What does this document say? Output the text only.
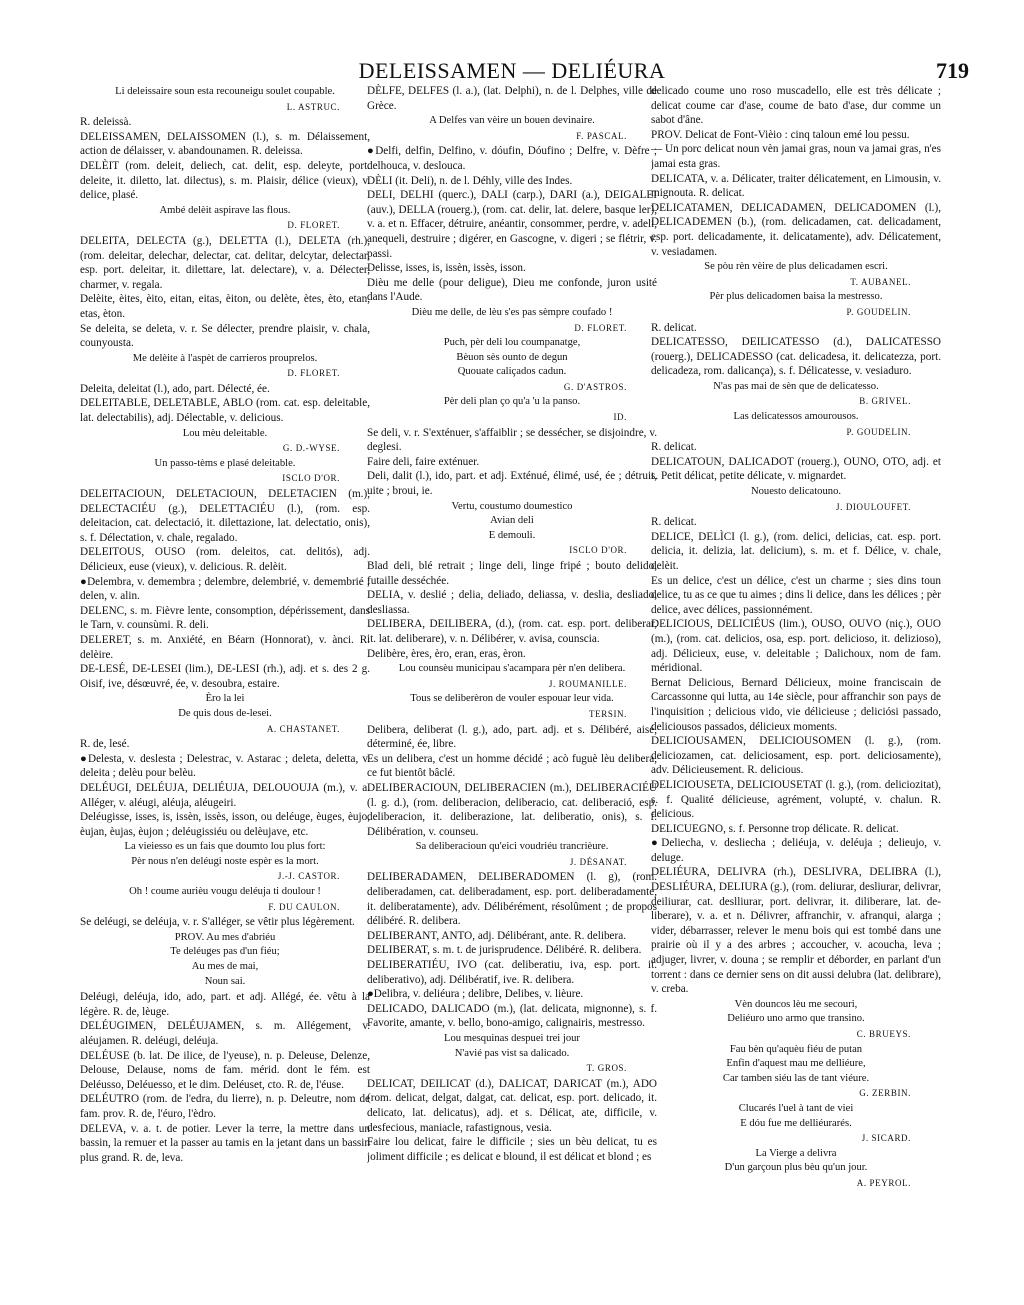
DELEISSAMEN — DELIÉURA	719
Li deleissaire soun esta recouneigu soulet coupable.
L. ASTRUC.

R. deleissà.

DELEISSAMEN, DELAISSOMEN (l.), s. m. Délaissement, action de délaisser, v. abandounamen. R. deleissa.

DELÈIT (rom. deleit, deliech, cat. delit, esp. deleyte, port. deleite, it. diletto, lat. dilectus), s. m. Plaisir, délice (vieux), v. delice, plasé.

Ambé delèit aspirave las flous.
D. FLORET.

DELEITA, DELECTA (g.), DELETTA (l.), DELETA (rh.), (rom. deleitar, delechar, delectar, cat. delitar, delcytar, delectar, esp. port. deleitar, it. dilettare, lat. delectare), v. a. Délecter, charmer, v. regala.

Delèite, èites, èito, eitan, eitas, èiton, ou delète, ètes, èto, etan, etas, èton.

Se deleita, se deleta, v. r. Se délecter, prendre plaisir, v. chala, counyousta.

Me delèite à l'aspèt de carrieros prouprelos.
D. FLORET.

Deleita, deleitat (l.), ado, part. Délecté, ée.

DELEITABLE, DELETABLE, ABLO (rom. cat. esp. deleitable, lat. delectabilis), adj. Délectable, v. delicious.

Lou mèu deleitable.
G. D.-WYSE.
Un passo-tèms e plasé deleitable.
ISCLO D'OR.

DELEITACIOUN, DELETACIOUN, DELETACIEN (m.), DELECTACIÉU (g.), DELETTACIÉU (l.), (rom. esp. deleitacion, cat. delectació, it. dilettazione, lat. delectatio, onis), s. f. Délectation, v. chale, regalado.

DELEITOUS, OUSO (rom. deleitos, cat. delitós), adj. Délicieux, euse (vieux), v. delicious. R. delèit.

●Delembra, v. demembra ; delembre, delembrié, v. demembrié ; delen, v. alin.

DELENC, s. m. Fièvre lente, consomption, dépérissement, dans le Tarn, v. counsùmi. R. deli.

DELERET, s. m. Anxiété, en Béarn (Honnorat), v. ànci. R. delèire.

DE-LESÉ, DE-LESEI (lim.), DE-LESI (rh.), adj. et s. des 2 g. Oisif, ive, désœuvré, ée, v. desoubra, estaire.

Èro la lei
De quis dous de-lesei.
A. CHASTANET.

R. de, lesé.

●Delesta, v. deslesta ; Delestrac, v. Astarac ; deleta, deletta, v. deleita ; delèu pour belèu.

DELÉUGI, DELÉUJA, DELIÉUJA, DELOUOUJA (m.), v. a. Alléger, v. aléugi, aléuja, aléugeiri.

Deléugisse, isses, is, issèn, issès, isson, ou deléuge, èuges, èujo, èujan, èujas, èujon ; deléugissiéu ou delèujave, etc.

La vieiesso es un fais que doumto lou plus fort:
Pèr nous n'en deléugi noste espèr es la mort.
J.-J. CASTOR.
Oh ! coume aurièu vougu deléuja ti doulour !
F. DU CAULON.

Se deléugi, se deléuja, v. r. S'alléger, se vêtir plus légèrement.

PROV. Au mes d'abriéu
Te deléuges pas d'un fiéu;
Au mes de mai,
Noun sai.

Deléugi, deléuja, ido, ado, part. et adj. Allégé, ée. vêtu à la légère. R. de, lèuge.

DELÉUGIMEN, DELÉUJAMEN, s. m. Allégement, v. aléujamen. R. deléugi, deléuja.

DELÉUSE (b. lat. De ilice, de l'yeuse), n. p. Deleuse, Delenze, Delouse, Delause, noms de fam. mérid. dont le fém. est Deléusso, Deléuesso, et le dim. Deléuset, cto. R. de, l'éuse.

DELÉUTRO (rom. de l'edra, du lierre), n. p. Deleutre, nom de fam. prov. R. de, l'éuro, l'èdro.

DELEVA, v. a. t. de potier. Lever la terre, la mettre dans un bassin, la remuer et la passer au tamis en la jetant dans un bassin plus grand. R. de, leva.

DÈLFE, DELFES (l. a.), (lat. Delphi), n. de l. Delphes, ville de Grèce.

A Delfes van vèire un bouen devinaire.
F. PASCAL.

●Delfi, delfin, Delfino, v. dóufin, Dóufino ; Delfre, v. Dèfre ; delhouca, v. deslouca.

DÈLI (it. Deli), n. de l. Déhly, ville des Indes.

DELI, DELHI (querc.), DALI (carp.), DARI (a.), DEIGALEI (auv.), DELLA (rouerg.), (rom. cat. delir, lat. delere, basque ler), v. a. et n. Effacer, détruire, anéantir, consommer, perdre, v. adeli, anequeli, destruire ; digérer, en Gascogne, v. digeri ; se flétrir, v. passi.

Delisse, isses, is, issèn, issès, isson.

Dièu me delle (pour deligue), Dieu me confonde, juron usité dans l'Aude.

Dièu me delle, de lèu s'es pas sèmpre coufado !
D. FLORET.
Puch, pèr deli lou coumpanatge,
Bèuon sès ounto de degun
Quouate caliçados cadun.
G. D'ASTROS.
Pèr deli plan ço qu'a 'u la panso.
ID.

Se deli, v. r. S'exténuer, s'affaiblir ; se dessécher, se disjoindre, v. deglesi.

Faire deli, faire exténuer.

Deli, dalit (l.), ido, part. et adj. Exténué, élimé, usé, ée ; détruit, uite ; broui, ie.

Vertu, coustumo doumestico
Avian deli
E demouli.
ISCLO D'OR.

Blad deli, blé retrait ; linge deli, linge fripé ; bouto delido, futaille desséchée.

DELIA, v. deslié ; delia, deliado, deliassa, v. deslia, desliado, desliassa.

DELIBERA, DEILIBERA, (d.), (rom. cat. esp. port. deliberar, it. lat. deliberare), v. n. Délibérer, v. avisa, counscia.

Delibère, ères, èro, eran, eras, èron.

Lou counsèu municipau s'acampara pèr n'en delibera.
J. ROUMANILLE.
Tous se deliberèron de vouler espouar leur vida.
TERSIN.

Delibera, deliberat (l. g.), ado, part. adj. et s. Délibéré, aisé, déterminé, ée, libre.

Es un delibera, c'est un homme décidé ; acò fuguè lèu delibera, ce fut bientôt bâclé.

DELIBERACIOUN, DELIBERACIEN (m.), DELIBERACIÉU (l. g. d.), (rom. deliberacion, deliberacio, cat. deliberació, esp. deliberacion, it. deliberazione, lat. deliberatio, onis), s. f. Délibération, v. counseu.

Sa deliberacioun qu'eici voudriéu trancrièure.
J. DÉSANAT.

DELIBERADAMEN, DELIBERADOMEN (l. g), (rom. deliberadamen, cat. deliberadament, esp. port. deliberadamente, it. deliberatamente), adv. Délibérément, résolûment ; de propos délibéré. R. delibera.

DELIBERANT, ANTO, adj. Délibérant, ante. R. delibera.

DELIBERAT, s. m. t. de jurisprudence. Délibéré. R. delibera.

DELIBERATIÉU, IVO (cat. deliberatiu, iva, esp. port. it. deliberativo), adj. Délibératif, ive. R. delibera.

●Delibra, v. deliéura ; delibre, Delibes, v. lièure.

DELICADO, DALICADO (m.), (lat. delicata, mignonne), s. f. Favorite, amante, v. bello, bono-amigo, calignairis, mestresso.

Lou mesquinas despuei trei jour
N'avié pas vist sa dalicado.
T. GROS.

DELICAT, DEILICAT (d.), DALICAT, DARICAT (m.), ADO (rom. delicat, delgat, dalgat, cat. delicat, esp. port. delicado, it. delicato, lat. delicatus), adj. et s. Délicat, ate, difficile, v. desfecious, maniacle, rafastignous, vesia.

Faire lou delicat, faire le difficile ; sies un bèu delicat, tu es joliment difficile ; es delicat e blound, il est délicat et blond ; es

delicado coume uno roso muscadello, elle est très délicate ; delicat coume car d'ase, coume de bato d'ase, dur comme un sabot d'âne.

PROV. Delicat de Font-Vièio : cinq taloun emé lou pessu.

— Un porc delicat noun vèn jamai gras, noun va jamai gras, n'es jamai esta gras.

DELICATA, v. a. Délicater, traiter délicatement, en Limousin, v. mignouta. R. delicat.

DELICATAMEN, DELICADAMEN, DELICADOMEN (l.), DELICADEMEN (b.), (rom. delicadamen, cat. delicadament, esp. port. delicadamente, it. delicatamente), adv. Délicatement, v. vesiadamen.

Se pòu rèn vèire de plus delicadamen escri.
T. AUBANEL.
Pèr plus delicadomen baisa la mestresso.
P. GOUDELIN.

R. delicat.

DELICATESSO, DEILICATESSO (d.), DALICATESSO (rouerg.), DELICADESSO (cat. delicadesa, it. delicatezza, port. delicadeza, rom. dalicança), s. f. Délicatesse, v. vesiaduro.

N'as pas mai de sèn que de delicatesso.
B. GRIVEL.
Las delicatessos amourousos.
P. GOUDELIN.

R. delicat.

DELICATOUN, DALICADOT (rouerg.), OUNO, OTO, adj. et s. Petit délicat, petite délicate, v. mignardet.

Nouesto delicatouno.
J. DIOULOUFET.

R. delicat.

DELICE, DELÌCI (l. g.), (rom. delici, delicias, cat. esp. port. delicia, it. delizia, lat. delicium), s. m. et f. Délice, v. chale, delèit.

Es un delice, c'est un délice, c'est un charme ; sies dins toun delice, tu as ce que tu aimes ; dins li delice, dans les délices ; pèr delice, avec délices, passionnément.

DELICIOUS, DELICIÉUS (lim.), OUSO, OUVO (niç.), OUO (m.), (rom. cat. delicios, osa, esp. port. delicioso, it. delizioso), adj. Délicieux, euse, v. deleitable ; Dalichoux, nom de fam. méridional.

Bernat Delicious, Bernard Délicieux, moine franciscain de Carcassonne qui lutta, au 14e siècle, pour affranchir son pays de l'inquisition ; delicious vido, vie délicieuse ; deliciósi passado, deliciousos passados, délicieux moments.

DELICIOUSAMEN, DELICIOUSOMEN (l. g.), (rom. deliciozamen, cat. deliciosament, esp. port. deliciosamente), adv. Délicieusement. R. delicious.

DELICIOUSETA, DELICIOUSETAT (l. g.), (rom. deliciozitat), s. f. Qualité délicieuse, agrément, volupté, v. chalun. R. delicious.

DELICUEGNO, s. f. Personne trop délicate. R. delicat.

●Deliecha, v. desliecha ; deliéuja, v. deléuja ; delieujo, v. deluge.

DELIÉURA, DELIVRA (rh.), DESLIVRA, DELIBRA (l.), DESLIÉURA, DELIURA (g.), (rom. deliurar, desliurar, delivrar, deiliurar, cat. deslliurar, port. delivrar, it. diliberare, lat. de-liberare), v. a. et n. Délivrer, affranchir, v. afranqui, alarga ; vider, débarrasser, relever le menu bois qui est tombé dans une prairie où il y a des arbres ; accoucher, v. acoucha, leva ; adjuger, livrer, v. douna ; se remplir et déborder, en parlant d'un torrent : dans ce dernier sens on dit aussi delubra (lat. delibrare), v. creba.

Vèn douncos lèu me secouri,
Deliéuro uno armo que transino.
C. BRUEYS.
Fau bèn qu'aquèu fiéu de putan
Enfin d'aquest mau me delliéure,
Car tamben siéu las de tant viéure.
G. ZERBIN.
Clucarés l'uel à tant de viei
E dóu fue me delliéurarés.
J. SICARD.
La Vierge a delivra
D'un garçoun plus bèu qu'un jour.
A. PEYROL.
